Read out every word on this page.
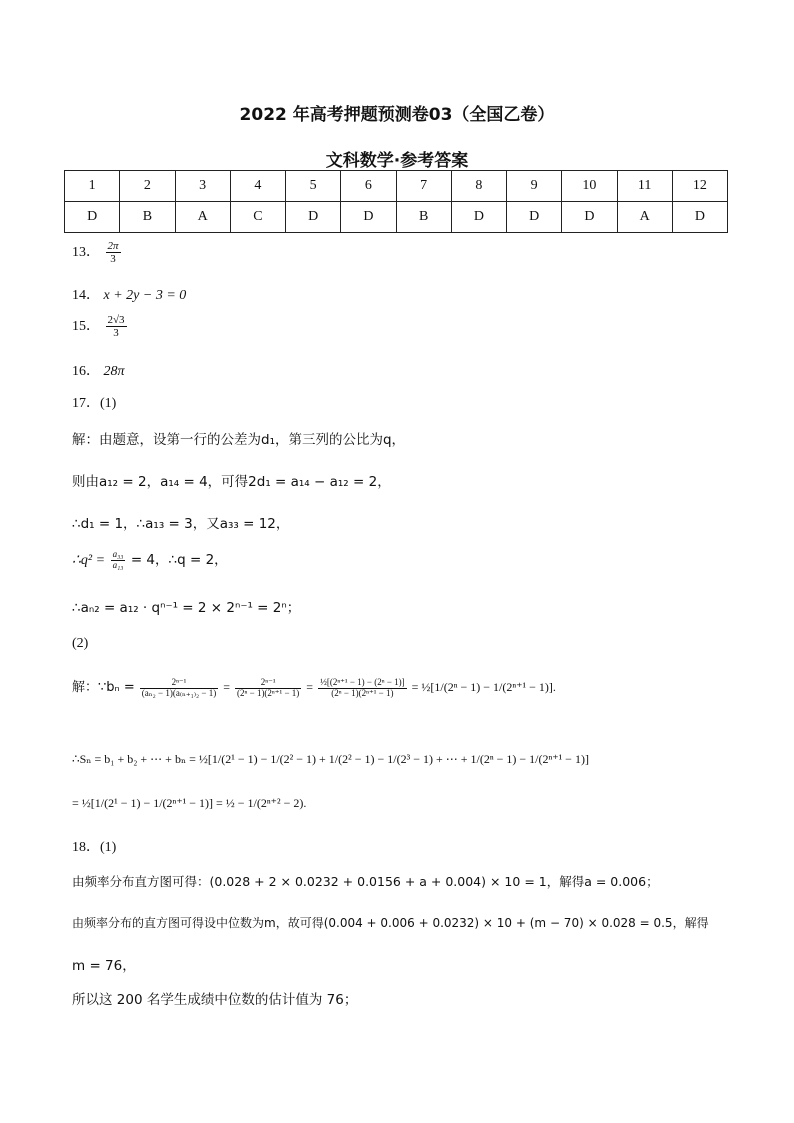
2022 年高考押题预测卷03（全国乙卷）
文科数学·参考答案
1	2	3	4	5	6	7	8	9	10	11	12
D	B	A	C	D	D	B	D	D	D	A	D
13． $\frac{2\pi}{3}$
14． x + 2y − 3 = 0
15． $\frac{2√3}{3}$
16． 28π
17．(1)
解：由题意，设第一行的公差为d₁，第三列的公比为q，
则由a₁₂ = 2，a₁₄ = 4，可得2d₁ = a₁₄ − a₁₂ = 2，
∴d₁ = 1，∴a₁₃ = 3，又a₃₃ = 12，
∴q² = $\frac{\text{a₃₃}}{\text{a₁₃}} = 4$，∴q = 2，
∴aₙ₂ = a₁₂ · qⁿ⁻¹ = 2 × 2ⁿ⁻¹ = 2ⁿ；
(2)
解：∵bₙ = $\frac{\text{2ⁿ⁻¹}}{\text{(aₙ₂ − 1)(a₍ₙ₊₁₎₂ − 1)}} = \frac{\text{2ⁿ⁻¹}}{\text{(2ⁿ − 1)(2ⁿ⁺¹ − 1)}} = \frac{\text{½[(2ⁿ⁺¹ − 1) − (2ⁿ − 1)]}}{\text{(2ⁿ − 1)(2ⁿ⁺¹ − 1)}}$ = ½[1/(2ⁿ − 1) − 1/(2ⁿ⁺¹ − 1)].
∴Sₙ = b₁ + b₂ + ⋯ + bₙ = ½[1/(2¹ − 1) − 1/(2² − 1) + 1/(2² − 1) − 1/(2³ − 1) + ⋯ + 1/(2ⁿ − 1) − 1/(2ⁿ⁺¹ − 1)]
= ½[1/(2¹ − 1) − 1/(2ⁿ⁺¹ − 1)] = ½ − 1/(2ⁿ⁺² − 2).
18．(1)
由频率分布直方图可得：(0.028 + 2 × 0.0232 + 0.0156 + a + 0.004) × 10 = 1，解得a = 0.006；
由频率分布的直方图可得设中位数为m，故可得(0.004 + 0.006 + 0.0232) × 10 + (m − 70) × 0.028 = 0.5，解得
m = 76，
所以这 200 名学生成绩中位数的估计值为 76；
